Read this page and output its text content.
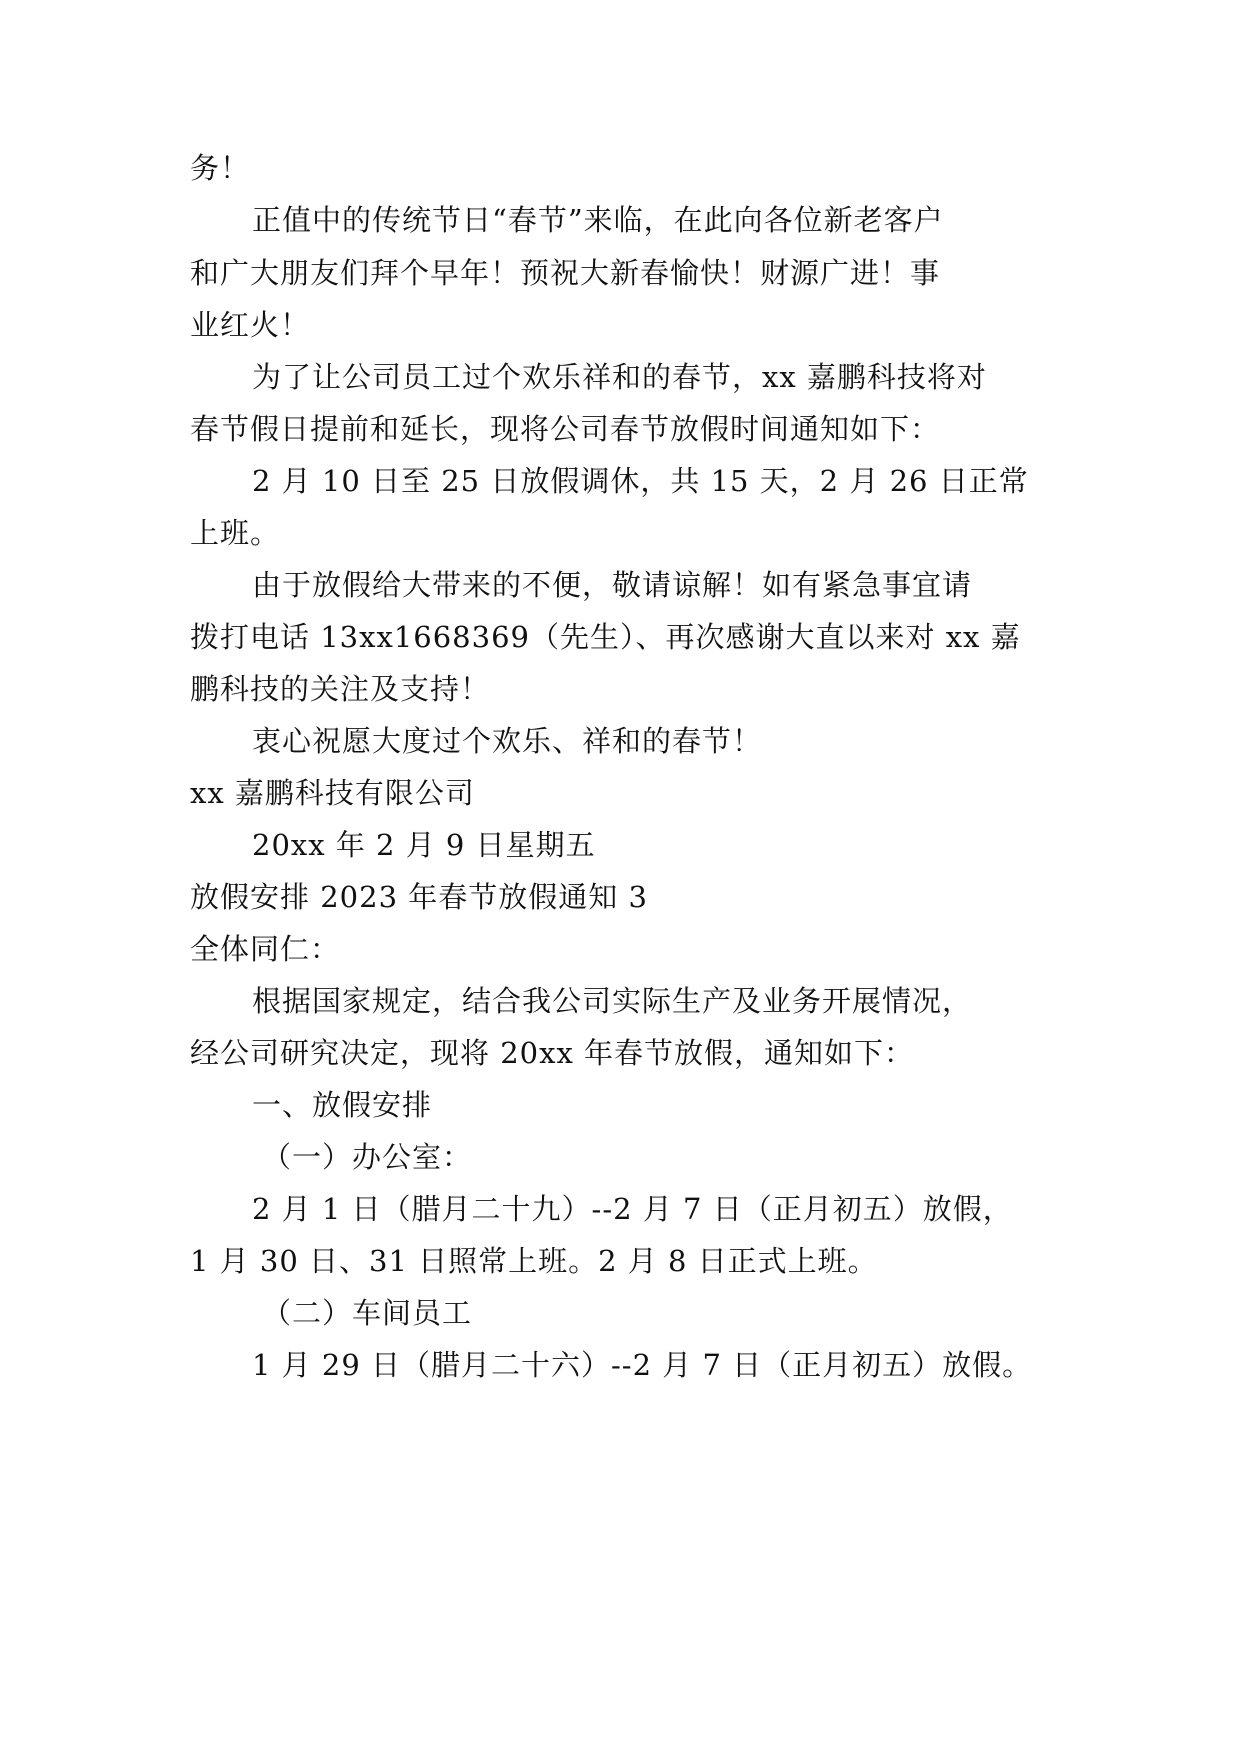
务！
正值中的传统节日“春节”来临，在此向各位新老客户
和广大朋友们拜个早年！预祝大新春愉快！财源广进！事
业红火！
为了让公司员工过个欢乐祥和的春节，xx 嘉鹏科技将对
春节假日提前和延长，现将公司春节放假时间通知如下：
2 月 10 日至 25 日放假调休，共 15 天，2 月 26 日正常
上班。
由于放假给大带来的不便，敬请谅解！如有紧急事宜请
拨打电话 13xx1668369（先生）、再次感谢大直以来对 xx 嘉
鹏科技的关注及支持！
衷心祝愿大度过个欢乐、祥和的春节！
xx 嘉鹏科技有限公司
20xx 年 2 月 9 日星期五
放假安排 2023 年春节放假通知 3
全体同仁：
根据国家规定，结合我公司实际生产及业务开展情况，
经公司研究决定，现将 20xx 年春节放假，通知如下：
一、放假安排
（一）办公室：
2 月 1 日（腊月二十九）--2 月 7 日（正月初五）放假，
1 月 30 日、31 日照常上班。2 月 8 日正式上班。
（二）车间员工
1 月 29 日（腊月二十六）--2 月 7 日（正月初五）放假。
